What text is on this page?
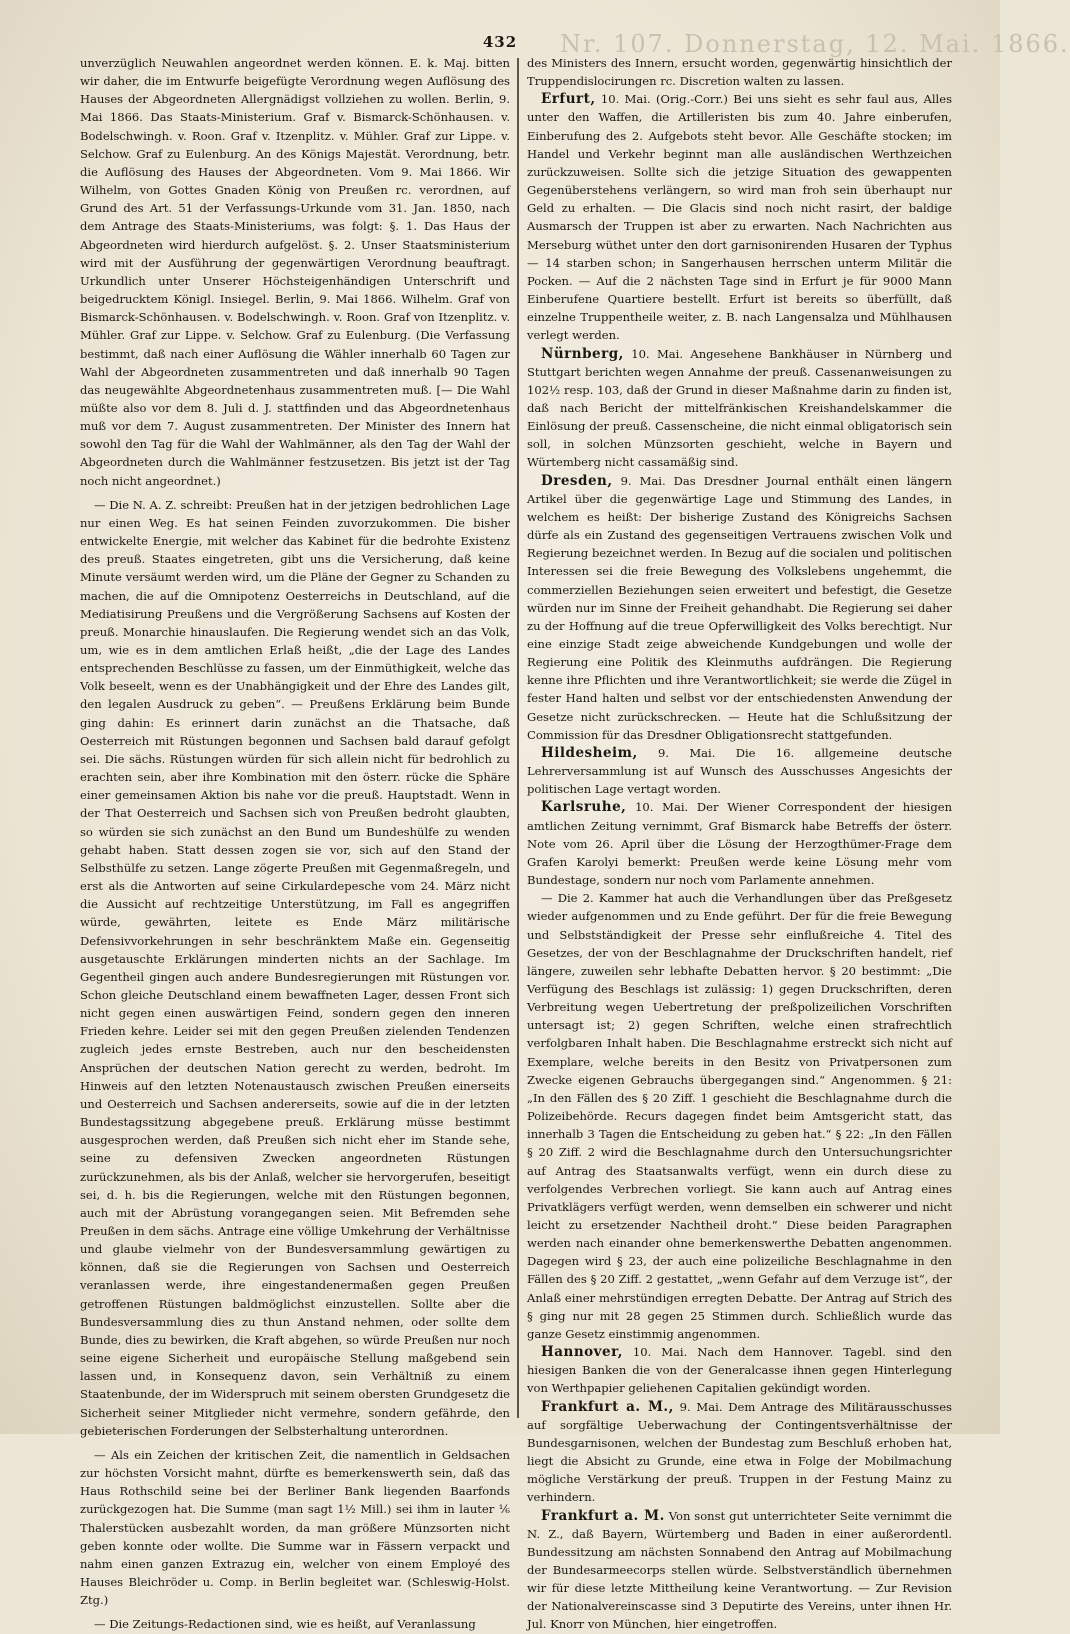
Nr. 107. Donnerstag, 12. Mai. 1866.
432

unverzüglich Neuwahlen angeordnet werden können. E. k. Maj. bitten wir daher, die im Entwurfe beigefügte Verordnung wegen Auflösung des Hauses der Abgeordneten Allergnädigst vollziehen zu wollen. Berlin, 9. Mai 1866. Das Staats-Ministerium. Graf v. Bismarck-Schönhausen. v. Bodelschwingh. v. Roon. Graf v. Itzenplitz. v. Mühler. Graf zur Lippe. v. Selchow. Graf zu Eulenburg. An des Königs Majestät. Verordnung, betr. die Auflösung des Hauses der Abgeordneten. Vom 9. Mai 1866. Wir Wilhelm, von Gottes Gnaden König von Preußen rc. verordnen, auf Grund des Art. 51 der Verfassungs-Urkunde vom 31. Jan. 1850, nach dem Antrage des Staats-Ministeriums, was folgt: §. 1. Das Haus der Abgeordneten wird hierdurch aufgelöst. §. 2. Unser Staatsministerium wird mit der Ausführung der gegenwärtigen Verordnung beauftragt. Urkundlich unter Unserer Höchsteigenhändigen Unterschrift und beigedrucktem Königl. Insiegel. Berlin, 9. Mai 1866. Wilhelm. Graf von Bismarck-Schönhausen. v. Bodelschwingh. v. Roon. Graf von Itzenplitz. v. Mühler. Graf zur Lippe. v. Selchow. Graf zu Eulenburg. (Die Verfassung bestimmt, daß nach einer Auflösung die Wähler innerhalb 60 Tagen zur Wahl der Abgeordneten zusammentreten und daß innerhalb 90 Tagen das neugewählte Abgeordnetenhaus zusammentreten muß. [— Die Wahl müßte also vor dem 8. Juli d. J. stattfinden und das Abgeordnetenhaus muß vor dem 7. August zusammentreten. Der Minister des Innern hat sowohl den Tag für die Wahl der Wahlmänner, als den Tag der Wahl der Abgeordneten durch die Wahlmänner festzusetzen. Bis jetzt ist der Tag noch nicht angeordnet.)

— Die N. A. Z. schreibt: Preußen hat in der jetzigen bedrohlichen Lage nur einen Weg. Es hat seinen Feinden zuvorzukommen. Die bisher entwickelte Energie, mit welcher das Kabinet für die bedrohte Existenz des preuß. Staates eingetreten, gibt uns die Versicherung, daß keine Minute versäumt werden wird, um die Pläne der Gegner zu Schanden zu machen, die auf die Omnipotenz Oesterreichs in Deutschland, auf die Mediatisirung Preußens und die Vergrößerung Sachsens auf Kosten der preuß. Monarchie hinauslaufen. Die Regierung wendet sich an das Volk, um, wie es in dem amtlichen Erlaß heißt, „die der Lage des Landes entsprechenden Beschlüsse zu fassen, um der Einmüthigkeit, welche das Volk beseelt, wenn es der Unabhängigkeit und der Ehre des Landes gilt, den legalen Ausdruck zu geben“. — Preußens Erklärung beim Bunde ging dahin: Es erinnert darin zunächst an die Thatsache, daß Oesterreich mit Rüstungen begonnen und Sachsen bald darauf gefolgt sei. Die sächs. Rüstungen würden für sich allein nicht für bedrohlich zu erachten sein, aber ihre Kombination mit den österr. rücke die Sphäre einer gemeinsamen Aktion bis nahe vor die preuß. Hauptstadt. Wenn in der That Oesterreich und Sachsen sich von Preußen bedroht glaubten, so würden sie sich zunächst an den Bund um Bundeshülfe zu wenden gehabt haben. Statt dessen zogen sie vor, sich auf den Stand der Selbsthülfe zu setzen. Lange zögerte Preußen mit Gegenmaßregeln, und erst als die Antworten auf seine Cirkulardepesche vom 24. März nicht die Aussicht auf rechtzeitige Unterstützung, im Fall es angegriffen würde, gewährten, leitete es Ende März militärische Defensivvorkehrungen in sehr beschränktem Maße ein. Gegenseitig ausgetauschte Erklärungen minderten nichts an der Sachlage. Im Gegentheil gingen auch andere Bundesregierungen mit Rüstungen vor. Schon gleiche Deutschland einem bewaffneten Lager, dessen Front sich nicht gegen einen auswärtigen Feind, sondern gegen den inneren Frieden kehre. Leider sei mit den gegen Preußen zielenden Tendenzen zugleich jedes ernste Bestreben, auch nur den bescheidensten Ansprüchen der deutschen Nation gerecht zu werden, bedroht. Im Hinweis auf den letzten Notenaustausch zwischen Preußen einerseits und Oesterreich und Sachsen andererseits, sowie auf die in der letzten Bundestagssitzung abgegebene preuß. Erklärung müsse bestimmt ausgesprochen werden, daß Preußen sich nicht eher im Stande sehe, seine zu defensiven Zwecken angeordneten Rüstungen zurückzunehmen, als bis der Anlaß, welcher sie hervorgerufen, beseitigt sei, d. h. bis die Regierungen, welche mit den Rüstungen begonnen, auch mit der Abrüstung vorangegangen seien. Mit Befremden sehe Preußen in dem sächs. Antrage eine völlige Umkehrung der Verhältnisse und glaube vielmehr von der Bundesversammlung gewärtigen zu können, daß sie die Regierungen von Sachsen und Oesterreich veranlassen werde, ihre eingestandenermaßen gegen Preußen getroffenen Rüstungen baldmöglichst einzustellen. Sollte aber die Bundesversammlung dies zu thun Anstand nehmen, oder sollte dem Bunde, dies zu bewirken, die Kraft abgehen, so würde Preußen nur noch seine eigene Sicherheit und europäische Stellung maßgebend sein lassen und, in Konsequenz davon, sein Verhältniß zu einem Staatenbunde, der im Widerspruch mit seinem obersten Grundgesetz die Sicherheit seiner Mitglieder nicht vermehre, sondern gefährde, den gebieterischen Forderungen der Selbsterhaltung unterordnen.

— Als ein Zeichen der kritischen Zeit, die namentlich in Geldsachen zur höchsten Vorsicht mahnt, dürfte es bemerkenswerth sein, daß das Haus Rothschild seine bei der Berliner Bank liegenden Baarfonds zurückgezogen hat. Die Summe (man sagt 1½ Mill.) sei ihm in lauter ⅙ Thalerstücken ausbezahlt worden, da man größere Münzsorten nicht geben konnte oder wollte. Die Summe war in Fässern verpackt und nahm einen ganzen Extrazug ein, welcher von einem Employé des Hauses Bleichröder u. Comp. in Berlin begleitet war. (Schleswig-Holst. Ztg.)

— Die Zeitungs-Redactionen sind, wie es heißt, auf Veranlassung

des Ministers des Innern, ersucht worden, gegenwärtig hinsichtlich der Truppendislocirungen rc. Discretion walten zu lassen.

Erfurt, 10. Mai. (Orig.-Corr.) Bei uns sieht es sehr faul aus, Alles unter den Waffen, die Artilleristen bis zum 40. Jahre einberufen, Einberufung des 2. Aufgebots steht bevor. Alle Geschäfte stocken; im Handel und Verkehr beginnt man alle ausländischen Werthzeichen zurückzuweisen. Sollte sich die jetzige Situation des gewappenten Gegenüberstehens verlängern, so wird man froh sein überhaupt nur Geld zu erhalten. — Die Glacis sind noch nicht rasirt, der baldige Ausmarsch der Truppen ist aber zu erwarten. Nach Nachrichten aus Merseburg wüthet unter den dort garnisonirenden Husaren der Typhus — 14 starben schon; in Sangerhausen herrschen unterm Militär die Pocken. — Auf die 2 nächsten Tage sind in Erfurt je für 9000 Mann Einberufene Quartiere bestellt. Erfurt ist bereits so überfüllt, daß einzelne Truppentheile weiter, z. B. nach Langensalza und Mühlhausen verlegt werden.

Nürnberg, 10. Mai. Angesehene Bankhäuser in Nürnberg und Stuttgart berichten wegen Annahme der preuß. Cassenanweisungen zu 102½ resp. 103, daß der Grund in dieser Maßnahme darin zu finden ist, daß nach Bericht der mittelfränkischen Kreishandelskammer die Einlösung der preuß. Cassenscheine, die nicht einmal obligatorisch sein soll, in solchen Münzsorten geschieht, welche in Bayern und Würtemberg nicht cassamäßig sind.

Dresden, 9. Mai. Das Dresdner Journal enthält einen längern Artikel über die gegenwärtige Lage und Stimmung des Landes, in welchem es heißt: Der bisherige Zustand des Königreichs Sachsen dürfe als ein Zustand des gegenseitigen Vertrauens zwischen Volk und Regierung bezeichnet werden. In Bezug auf die socialen und politischen Interessen sei die freie Bewegung des Volkslebens ungehemmt, die commerziellen Beziehungen seien erweitert und befestigt, die Gesetze würden nur im Sinne der Freiheit gehandhabt. Die Regierung sei daher zu der Hoffnung auf die treue Opferwilligkeit des Volks berechtigt. Nur eine einzige Stadt zeige abweichende Kundgebungen und wolle der Regierung eine Politik des Kleinmuths aufdrängen. Die Regierung kenne ihre Pflichten und ihre Verantwortlichkeit; sie werde die Zügel in fester Hand halten und selbst vor der entschiedensten Anwendung der Gesetze nicht zurückschrecken. — Heute hat die Schlußsitzung der Commission für das Dresdner Obligationsrecht stattgefunden.

Hildesheim, 9. Mai. Die 16. allgemeine deutsche Lehrerversammlung ist auf Wunsch des Ausschusses Angesichts der politischen Lage vertagt worden.

Karlsruhe, 10. Mai. Der Wiener Correspondent der hiesigen amtlichen Zeitung vernimmt, Graf Bismarck habe Betreffs der österr. Note vom 26. April über die Lösung der Herzogthümer-Frage dem Grafen Karolyi bemerkt: Preußen werde keine Lösung mehr vom Bundestage, sondern nur noch vom Parlamente annehmen.

— Die 2. Kammer hat auch die Verhandlungen über das Preßgesetz wieder aufgenommen und zu Ende geführt. Der für die freie Bewegung und Selbstständigkeit der Presse sehr einflußreiche 4. Titel des Gesetzes, der von der Beschlagnahme der Druckschriften handelt, rief längere, zuweilen sehr lebhafte Debatten hervor. § 20 bestimmt: „Die Verfügung des Beschlags ist zulässig: 1) gegen Druckschriften, deren Verbreitung wegen Uebertretung der preßpolizeilichen Vorschriften untersagt ist; 2) gegen Schriften, welche einen strafrechtlich verfolgbaren Inhalt haben. Die Beschlagnahme erstreckt sich nicht auf Exemplare, welche bereits in den Besitz von Privatpersonen zum Zwecke eigenen Gebrauchs übergegangen sind.“ Angenommen. § 21: „In den Fällen des § 20 Ziff. 1 geschieht die Beschlagnahme durch die Polizeibehörde. Recurs dagegen findet beim Amtsgericht statt, das innerhalb 3 Tagen die Entscheidung zu geben hat.“ § 22: „In den Fällen § 20 Ziff. 2 wird die Beschlagnahme durch den Untersuchungsrichter auf Antrag des Staatsanwalts verfügt, wenn ein durch diese zu verfolgendes Verbrechen vorliegt. Sie kann auch auf Antrag eines Privatklägers verfügt werden, wenn demselben ein schwerer und nicht leicht zu ersetzender Nachtheil droht.“ Diese beiden Paragraphen werden nach einander ohne bemerkenswerthe Debatten angenommen. Dagegen wird § 23, der auch eine polizeiliche Beschlagnahme in den Fällen des § 20 Ziff. 2 gestattet, „wenn Gefahr auf dem Verzuge ist“, der Anlaß einer mehrstündigen erregten Debatte. Der Antrag auf Strich des § ging nur mit 28 gegen 25 Stimmen durch. Schließlich wurde das ganze Gesetz einstimmig angenommen.

Hannover, 10. Mai. Nach dem Hannover. Tagebl. sind den hiesigen Banken die von der Generalcasse ihnen gegen Hinterlegung von Werthpapier geliehenen Capitalien gekündigt worden.

Frankfurt a. M., 9. Mai. Dem Antrage des Militärausschusses auf sorgfältige Ueberwachung der Contingentsverhältnisse der Bundesgarnisonen, welchen der Bundestag zum Beschluß erhoben hat, liegt die Absicht zu Grunde, eine etwa in Folge der Mobilmachung mögliche Verstärkung der preuß. Truppen in der Festung Mainz zu verhindern.

Frankfurt a. M. Von sonst gut unterrichteter Seite vernimmt die N. Z., daß Bayern, Würtemberg und Baden in einer außerordentl. Bundessitzung am nächsten Sonnabend den Antrag auf Mobilmachung der Bundesarmeecorps stellen würde. Selbstverständlich übernehmen wir für diese letzte Mittheilung keine Verantwortung. — Zur Revision der Nationalvereinscasse sind 3 Deputirte des Vereins, unter ihnen Hr. Jul. Knorr von München, hier eingetroffen.
